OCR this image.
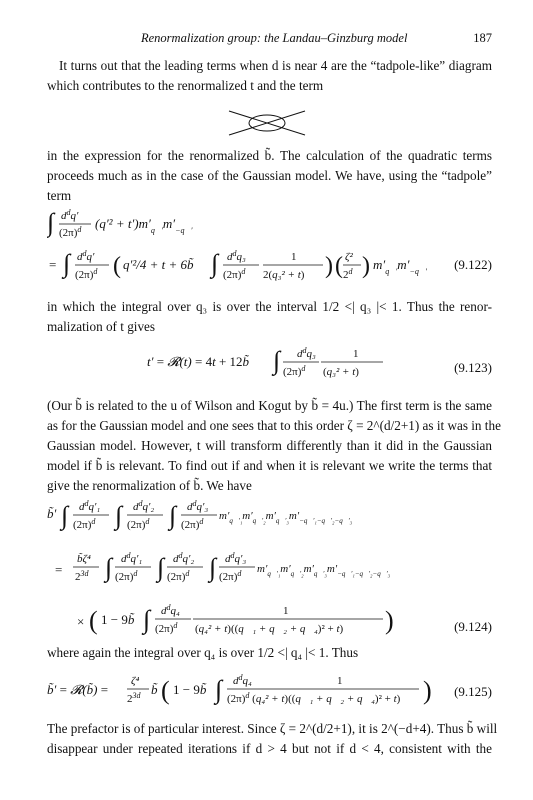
Renormalization group: the Landau–Ginzburg model	187
It turns out that the leading terms when d is near 4 are the “tadpole-like” diagram
which contributes to the renormalized t and the term
in the expression for the renormalized b̃. The calculation of the quadratic terms
proceeds much as in the case of the Gaussian model. We have, using the “tadpole”
term
∫ $d^dq'$
$(2\pi)^d$ $(q'^2 + t')m'_{q⃗'}m'_{-q⃗'}$
= ∫ $d^dq'$
$(2\pi)^d$ ( q′²/4 + t + 6b̃ ∫ $d^dq_3$
$(2\pi)^d$
1
2(q₃² + t) ) ( ζ²
2$^d$ ) $m'_{q⃗'}m'_{-q⃗'}$ (9.122)
in which the integral over q₃ is over the interval 1/2 <| q₃ |< 1. Thus the renor-
malization of t gives
t′ = 𝓡(t) = 4t + 12b̃ ∫ $d^dq_3$
$(2\pi)^d$
1
(q₃² + t)	(9.123)
(Our b̃ is related to the u of Wilson and Kogut by b̃ = 4u.) The first term is the same
as for the Gaussian model and one sees that to this order ζ = 2^(d/2+1) as it was in the
Gaussian model. However, t will transform differently than it did in the Gaussian
model if b̃ is relevant. To find out if and when it is relevant we write the terms that
give the renormalization of b̃. We have
b̃′ ∫ $d^dq'_1$
$(2\pi)^d$ ∫ $d^dq'_2$
$(2\pi)^d$ ∫ $d^dq'_3$
$(2\pi)^d$ $m'_{q⃗'_1}m'_{q⃗'_2}m'_{q⃗'_3}m'_{-q⃗'_1-q⃗'_2-q⃗'_3}$
=
b̃ζ⁴
$2^{3d}$ ∫ $d^dq'_1$
$(2\pi)^d$ ∫ $d^dq'_2$
$(2\pi)^d$ ∫ $d^dq'_3$
$(2\pi)^d$ $m'_{q⃗'_1}m'_{q⃗'_2}m'_{q⃗'_3}m'_{-q⃗'_1-q⃗'_2-q⃗'_3}$
× ( 1 − 9b̃ ∫ $d^dq_4$
$(2\pi)^d$
1
(q₄² + t)((q⃗₁ + q⃗₂ + q⃗₄)² + t) )	(9.124)
where again the integral over q₄ is over 1/2 <| q₄ |< 1. Thus
b̃′ = 𝓡(b̃) =
ζ⁴
$2^{3d}$ b̃ ( 1 − 9b̃ ∫ $d^dq_4$	1
$(2\pi)^d$ (q₄² + t)((q⃗₁ + q⃗₂ + q⃗₄)² + t) ) (9.125)
The prefactor is of particular interest. Since ζ = 2^(d/2+1), it is 2^(−d+4). Thus b̃ will
disappear under repeated iterations if d > 4 but not if d < 4, consistent with the
